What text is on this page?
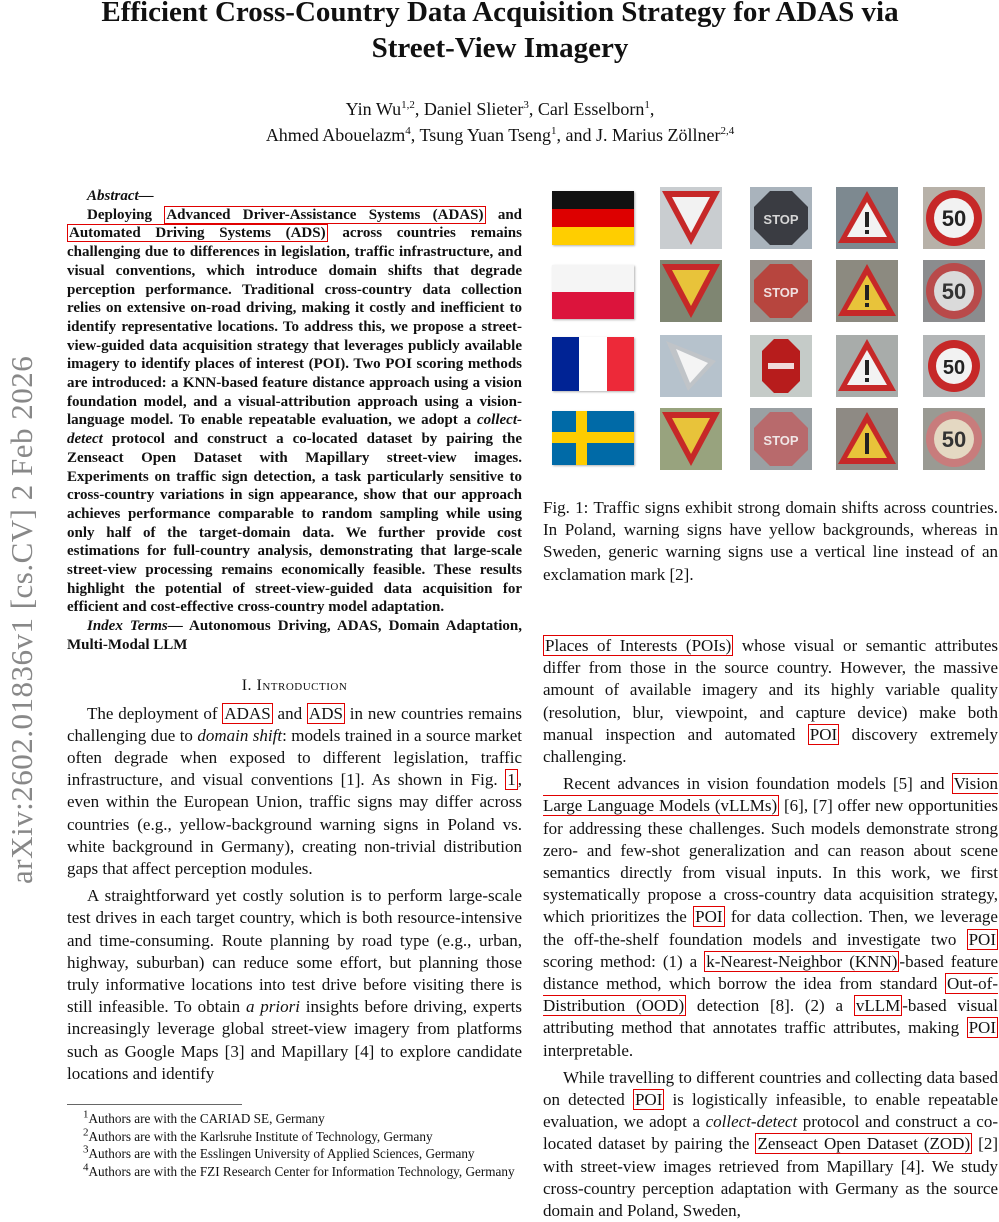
arXiv:2602.01836v1 [cs.CV] 2 Feb 2026
Efficient Cross-Country Data Acquisition Strategy for ADAS via Street-View Imagery
Yin Wu$^{1,2}$, Daniel Slieter$^3$, Carl Esselborn$^1$,
Ahmed Abouelazm$^4$, Tsung Yuan Tseng$^1$, and J. Marius Zöllner$^{2,4}$

Abstract—

Deploying Advanced Driver-Assistance Systems (ADAS) and Automated Driving Systems (ADS) across countries remains challenging due to differences in legislation, traffic infrastructure, and visual conventions, which introduce domain shifts that degrade perception performance. Traditional cross-country data collection relies on extensive on-road driving, making it costly and inefficient to identify representative locations. To address this, we propose a street-view-guided data acquisition strategy that leverages publicly available imagery to identify places of interest (POI). Two POI scoring methods are introduced: a KNN-based feature distance approach using a vision foundation model, and a visual-attribution approach using a vision-language model. To enable repeatable evaluation, we adopt a collect-detect protocol and construct a co-located dataset by pairing the Zenseact Open Dataset with Mapillary street-view images. Experiments on traffic sign detection, a task particularly sensitive to cross-country variations in sign appearance, show that our approach achieves performance comparable to random sampling while using only half of the target-domain data. We further provide cost estimations for full-country analysis, demonstrating that large-scale street-view processing remains economically feasible. These results highlight the potential of street-view-guided data acquisition for efficient and cost-effective cross-country model adaptation.

Index Terms— Autonomous Driving, ADAS, Domain Adaptation, Multi-Modal LLM

I. Introduction

The deployment of ADAS and ADS in new countries remains challenging due to domain shift: models trained in a source market often degrade when exposed to different legislation, traffic infrastructure, and visual conventions [1]. As shown in Fig. 1 , even within the European Union, traffic signs may differ across countries (e.g., yellow-background warning signs in Poland vs. white background in Germany), creating non-trivial distribution gaps that affect perception modules.

A straightforward yet costly solution is to perform large-scale test drives in each target country, which is both resource-intensive and time-consuming. Route planning by road type (e.g., urban, highway, suburban) can reduce some effort, but planning those truly informative locations into test drive before visiting there is still infeasible. To obtain a priori insights before driving, experts increasingly leverage global street-view imagery from platforms such as Google Maps [3] and Mapillary [4] to explore candidate locations and identify

$^1$Authors are with the CARIAD SE, Germany

$^2$Authors are with the Karlsruhe Institute of Technology, Germany

$^3$Authors are with the Esslingen University of Applied Sciences, Germany

$^4$Authors are with the FZI Research Center for Information Technology, Germany

STOP	50
STOP	50
50
STOP	50

Fig. 1: Traffic signs exhibit strong domain shifts across countries. In Poland, warning signs have yellow backgrounds, whereas in Sweden, generic warning signs use a vertical line instead of an exclamation mark [2].

Places of Interests (POIs) whose visual or semantic attributes differ from those in the source country. However, the massive amount of available imagery and its highly variable quality (resolution, blur, viewpoint, and capture device) make both manual inspection and automated POI discovery extremely challenging.

Recent advances in vision foundation models [5] and Vision Large Language Models (vLLMs) [6], [7] offer new opportunities for addressing these challenges. Such models demonstrate strong zero- and few-shot generalization and can reason about scene semantics directly from visual inputs. In this work, we first systematically propose a cross-country data acquisition strategy, which prioritizes the POI for data collection. Then, we leverage the off-the-shelf foundation models and investigate two POI scoring method: (1) a k-Nearest-Neighbor (KNN) -based feature distance method, which borrow the idea from standard Out-of-Distribution (OOD) detection [8]. (2) a vLLM -based visual attributing method that annotates traffic attributes, making POI interpretable.

While travelling to different countries and collecting data based on detected POI is logistically infeasible, to enable repeatable evaluation, we adopt a collect-detect protocol and construct a co-located dataset by pairing the Zenseact Open Dataset (ZOD) [2] with street-view images retrieved from Mapillary [4]. We study cross-country perception adaptation with Germany as the source domain and Poland, Sweden,
